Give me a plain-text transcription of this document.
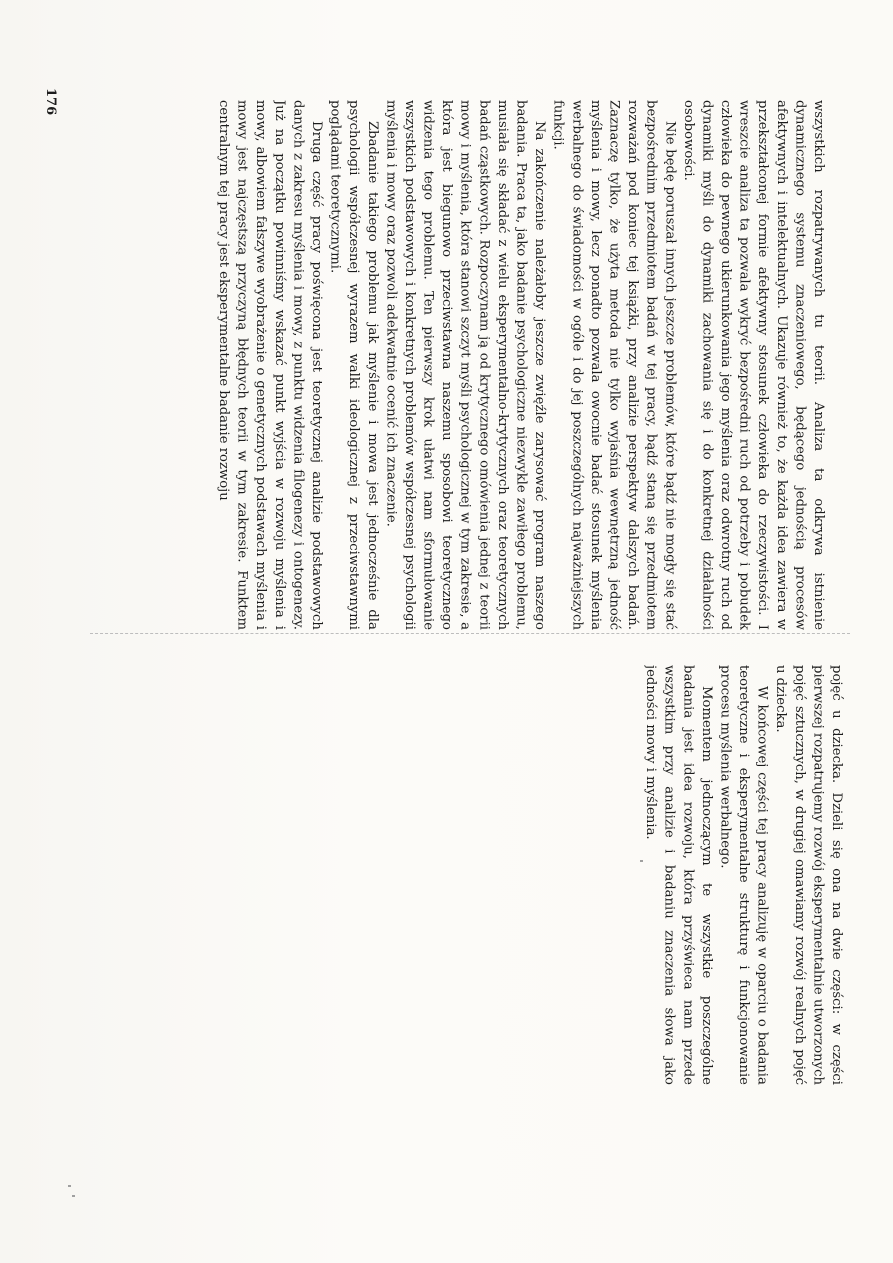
176	wszystkich rozpatrywanych tu teorii. Analiza ta odkrywa istnienie dynamicznego systemu znaczeniowego, będącego jednością procesów afektywnych i intelektualnych. Ukazuje również to, że każda idea zawiera w przekształconej formie afektywny stosunek człowieka do rzeczywistości. I wreszcie analiza ta pozwala wykryć bezpośredni ruch od potrzeby i pobudek człowieka do pewnego ukierunkowania jego myślenia oraz odwrotny ruch od dynamiki myśli do dynamiki zachowania się i do konkretnej działalności osobowości.

Nie będę poruszał innych jeszcze problemów, które bądź nie mogły się stać bezpośrednim przedmiotem badań w tej pracy, bądź staną się przedmiotem rozważań pod koniec tej książki, przy analizie perspektyw dalszych badań. Zaznaczę tylko, że użyta metoda nie tylko wyjaśnia wewnętrzną jedność myślenia i mowy, lecz ponadto pozwala owocnie badać stosunek myślenia werbalnego do świadomości w ogóle i do jej poszczególnych najważniejszych funkcji.

Na zakończenie należałoby jeszcze zwięźle zarysować program naszego badania. Praca ta, jako badanie psychologiczne niezwykle zawiłego problemu, musiała się składać z wielu eksperymentalno-krytycznych oraz teoretycznych badań cząstkowych. Rozpoczynam ją od krytycznego omówienia jednej z teorii mowy i myślenia, która stanowi szczyt myśli psychologicznej w tym zakresie, a która jest biegunowo przeciwstawna naszemu sposobowi teoretycznego widzenia tego problemu. Ten pierwszy krok ułatwi nam sformułowanie wszystkich podstawowych i konkretnych problemów współczesnej psychologii myślenia i mowy oraz pozwoli adekwatnie ocenić ich znaczenie.

Zbadanie takiego problemu jak myślenie i mowa jest jednocześnie dla psychologii współczesnej wyrazem walki ideologicznej z przeciwstawnymi poglądami teoretycznymi.

Druga część pracy poświęcona jest teoretycznej analizie podstawowych danych z zakresu myślenia i mowy, z punktu widzenia filogenezy i ontogenezy. Już na początku powinniśmy wskazać punkt wyjścia w rozwoju myślenia i mowy, albowiem fałszywe wyobrażenie o genetycznych podstawach myślenia i mowy jest najczęstszą przyczyną błędnych teorii w tym zakresie. Funktem centralnym tej pracy jest eksperymentalne badanie rozwoju

pojęć u dziecka. Dzieli się ona na dwie części: w części pierwszej rozpatrujemy rozwój eksperymentalnie utworzonych pojęć sztucznych, w drugiej omawiamy rozwój realnych pojęć u dziecka.

W końcowej części tej pracy analizuję w oparciu o badania teoretyczne i eksperymentalne strukturę i funkcjonowanie procesu myślenia werbalnego.

Momentem jednoczącym te wszystkie poszczególne badania jest idea rozwoju, która przyświeca nam przede wszystkim przy analizie i badaniu znaczenia słowa jako jedności mowy i myślenia.
